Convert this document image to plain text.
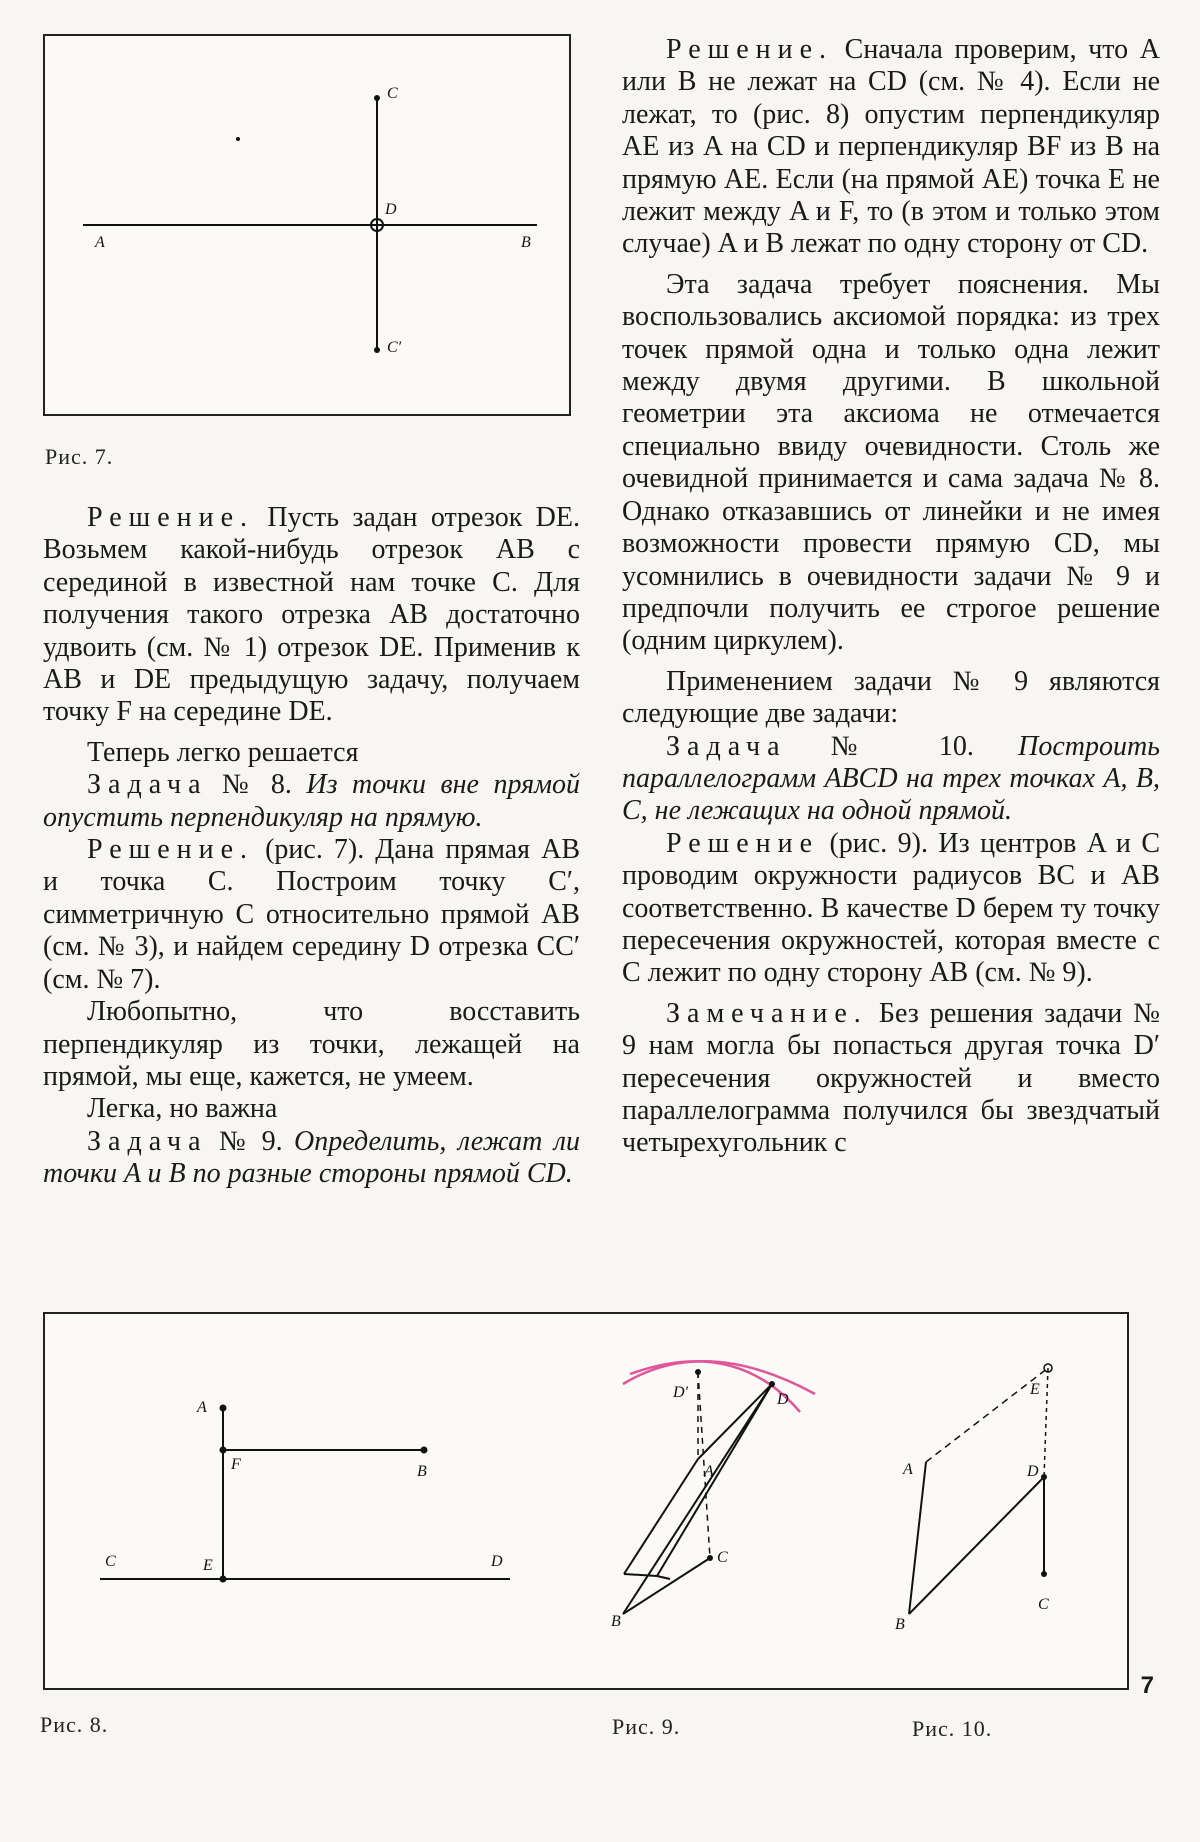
C
D
A	B
C′
Рис. 7.

Решение. Пусть задан отрезок DE. Возьмем какой-нибудь отрезок AB с серединой в известной нам точке C. Для получения такого отрезка AB достаточно удвоить (см. № 1) отрезок DE. Применив к AB и DE предыдущую задачу, получаем точку F на середине DE.

Теперь легко решается

Задача № 8. Из точки вне прямой опустить перпендикуляр на прямую.

Решение. (рис. 7). Дана прямая AB и точка C. Построим точку C′, симметричную C относительно прямой AB (см. № 3), и найдем середину D отрезка CC′ (см. № 7).

Любопытно, что восставить перпендикуляр из точки, лежащей на прямой, мы еще, кажется, не умеем.

Легка, но важна

Задача № 9. Определить, лежат ли точки A и B по разные стороны прямой CD.

Решение. Сначала проверим, что A или B не лежат на CD (см. № 4). Если не лежат, то (рис. 8) опустим перпендикуляр AE из A на CD и перпендикуляр BF из B на прямую AE. Если (на прямой AE) точка E не лежит между A и F, то (в этом и только этом случае) A и B лежат по одну сторону от CD.

Эта задача требует пояснения. Мы воспользовались аксиомой порядка: из трех точек прямой одна и только одна лежит между двумя другими. В школьной геометрии эта аксиома не отмечается специально ввиду очевидности. Столь же очевидной принимается и сама задача № 8. Однако отказавшись от линейки и не имея возможности провести прямую CD, мы усомнились в очевидности задачи № 9 и предпочли получить ее строгое решение (одним циркулем).

Применением задачи № 9 являются следующие две задачи:

Задача № 10. Построить параллелограмм ABCD на трех точках A, B, C, не лежащих на одной прямой.

Решение (рис. 9). Из центров A и C проводим окружности радиусов BC и AB соответственно. В качестве D берем ту точку пересечения окружностей, которая вместе с C лежит по одну сторону AB (см. № 9).

Замечание. Без решения задачи № 9 нам могла бы попасться другая точка D′ пересечения окружностей и вместо параллелограмма получился бы звездчатый четырехугольник с

A
F	B
C	E	D
D′	D
A
C
B
E
A	D
C
B
Рис. 8.	Рис. 9.	Рис. 10.
7
